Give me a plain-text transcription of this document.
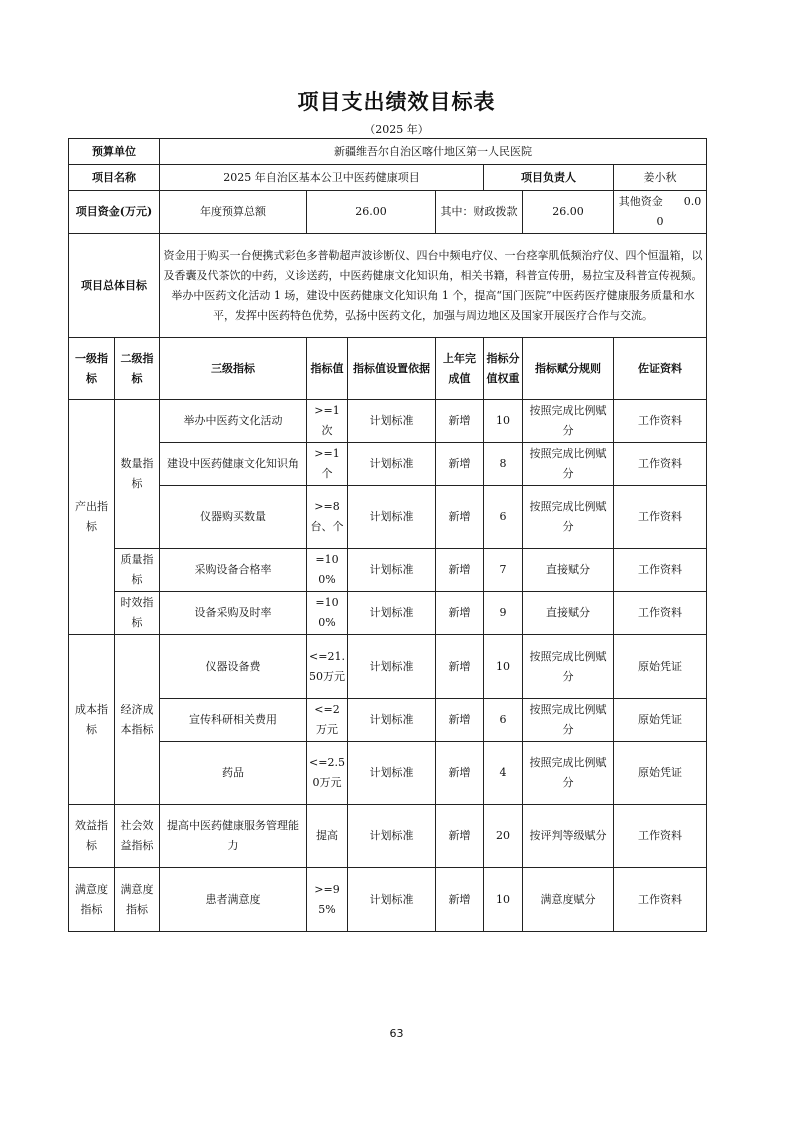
项目支出绩效目标表
（2025 年）
预算单位		新疆维吾尔自治区喀什地区第一人民医院						
项目名称		2025 年自治区基本公卫中医药健康项目				项目负责人		姜小秋
项目资金(万元)		年度预算总额	26.00		其中：财政拨款		26.00	其他资金 0.00
项目总体目标		资金用于购买一台便携式彩色多普勒超声波诊断仪、四台中频电疗仪、一台痉挛肌低频治疗仪、四个恒温箱，以及香囊及代茶饮的中药，义诊送药，中医药健康文化知识角，相关书籍，科普宣传册，易拉宝及科普宣传视频。举办中医药文化活动 1 场，建设中医药健康文化知识角 1 个，提高“国门医院”中医药医疗健康服务质量和水平，发挥中医药特色优势，弘扬中医药文化，加强与周边地区及国家开展医疗合作与交流。						
一级指标	二级指标	三级指标	指标值	指标值设置依据	上年完成值	指标分值权重	指标赋分规则	佐证资料
产出指标	数量指标	举办中医药文化活动	>=1次	计划标准	新增	10	按照完成比例赋分	工作资料
		建设中医药健康文化知识角	>=1个	计划标准	新增	8	按照完成比例赋分	工作资料
		仪器购买数量	>=8台、个	计划标准	新增	6	按照完成比例赋分	工作资料
	质量指标	采购设备合格率	=100%	计划标准	新增	7	直接赋分	工作资料
	时效指标	设备采购及时率	=100%	计划标准	新增	9	直接赋分	工作资料
成本指标	经济成本指标	仪器设备费	<=21.50万元	计划标准	新增	10	按照完成比例赋分	原始凭证
		宣传科研相关费用	<=2万元	计划标准	新增	6	按照完成比例赋分	原始凭证
		药品	<=2.50万元	计划标准	新增	4	按照完成比例赋分	原始凭证
效益指标	社会效益指标	提高中医药健康服务管理能力	提高	计划标准	新增	20	按评判等级赋分	工作资料
满意度指标	满意度指标	患者满意度	>=95%	计划标准	新增	10	满意度赋分	工作资料
63
